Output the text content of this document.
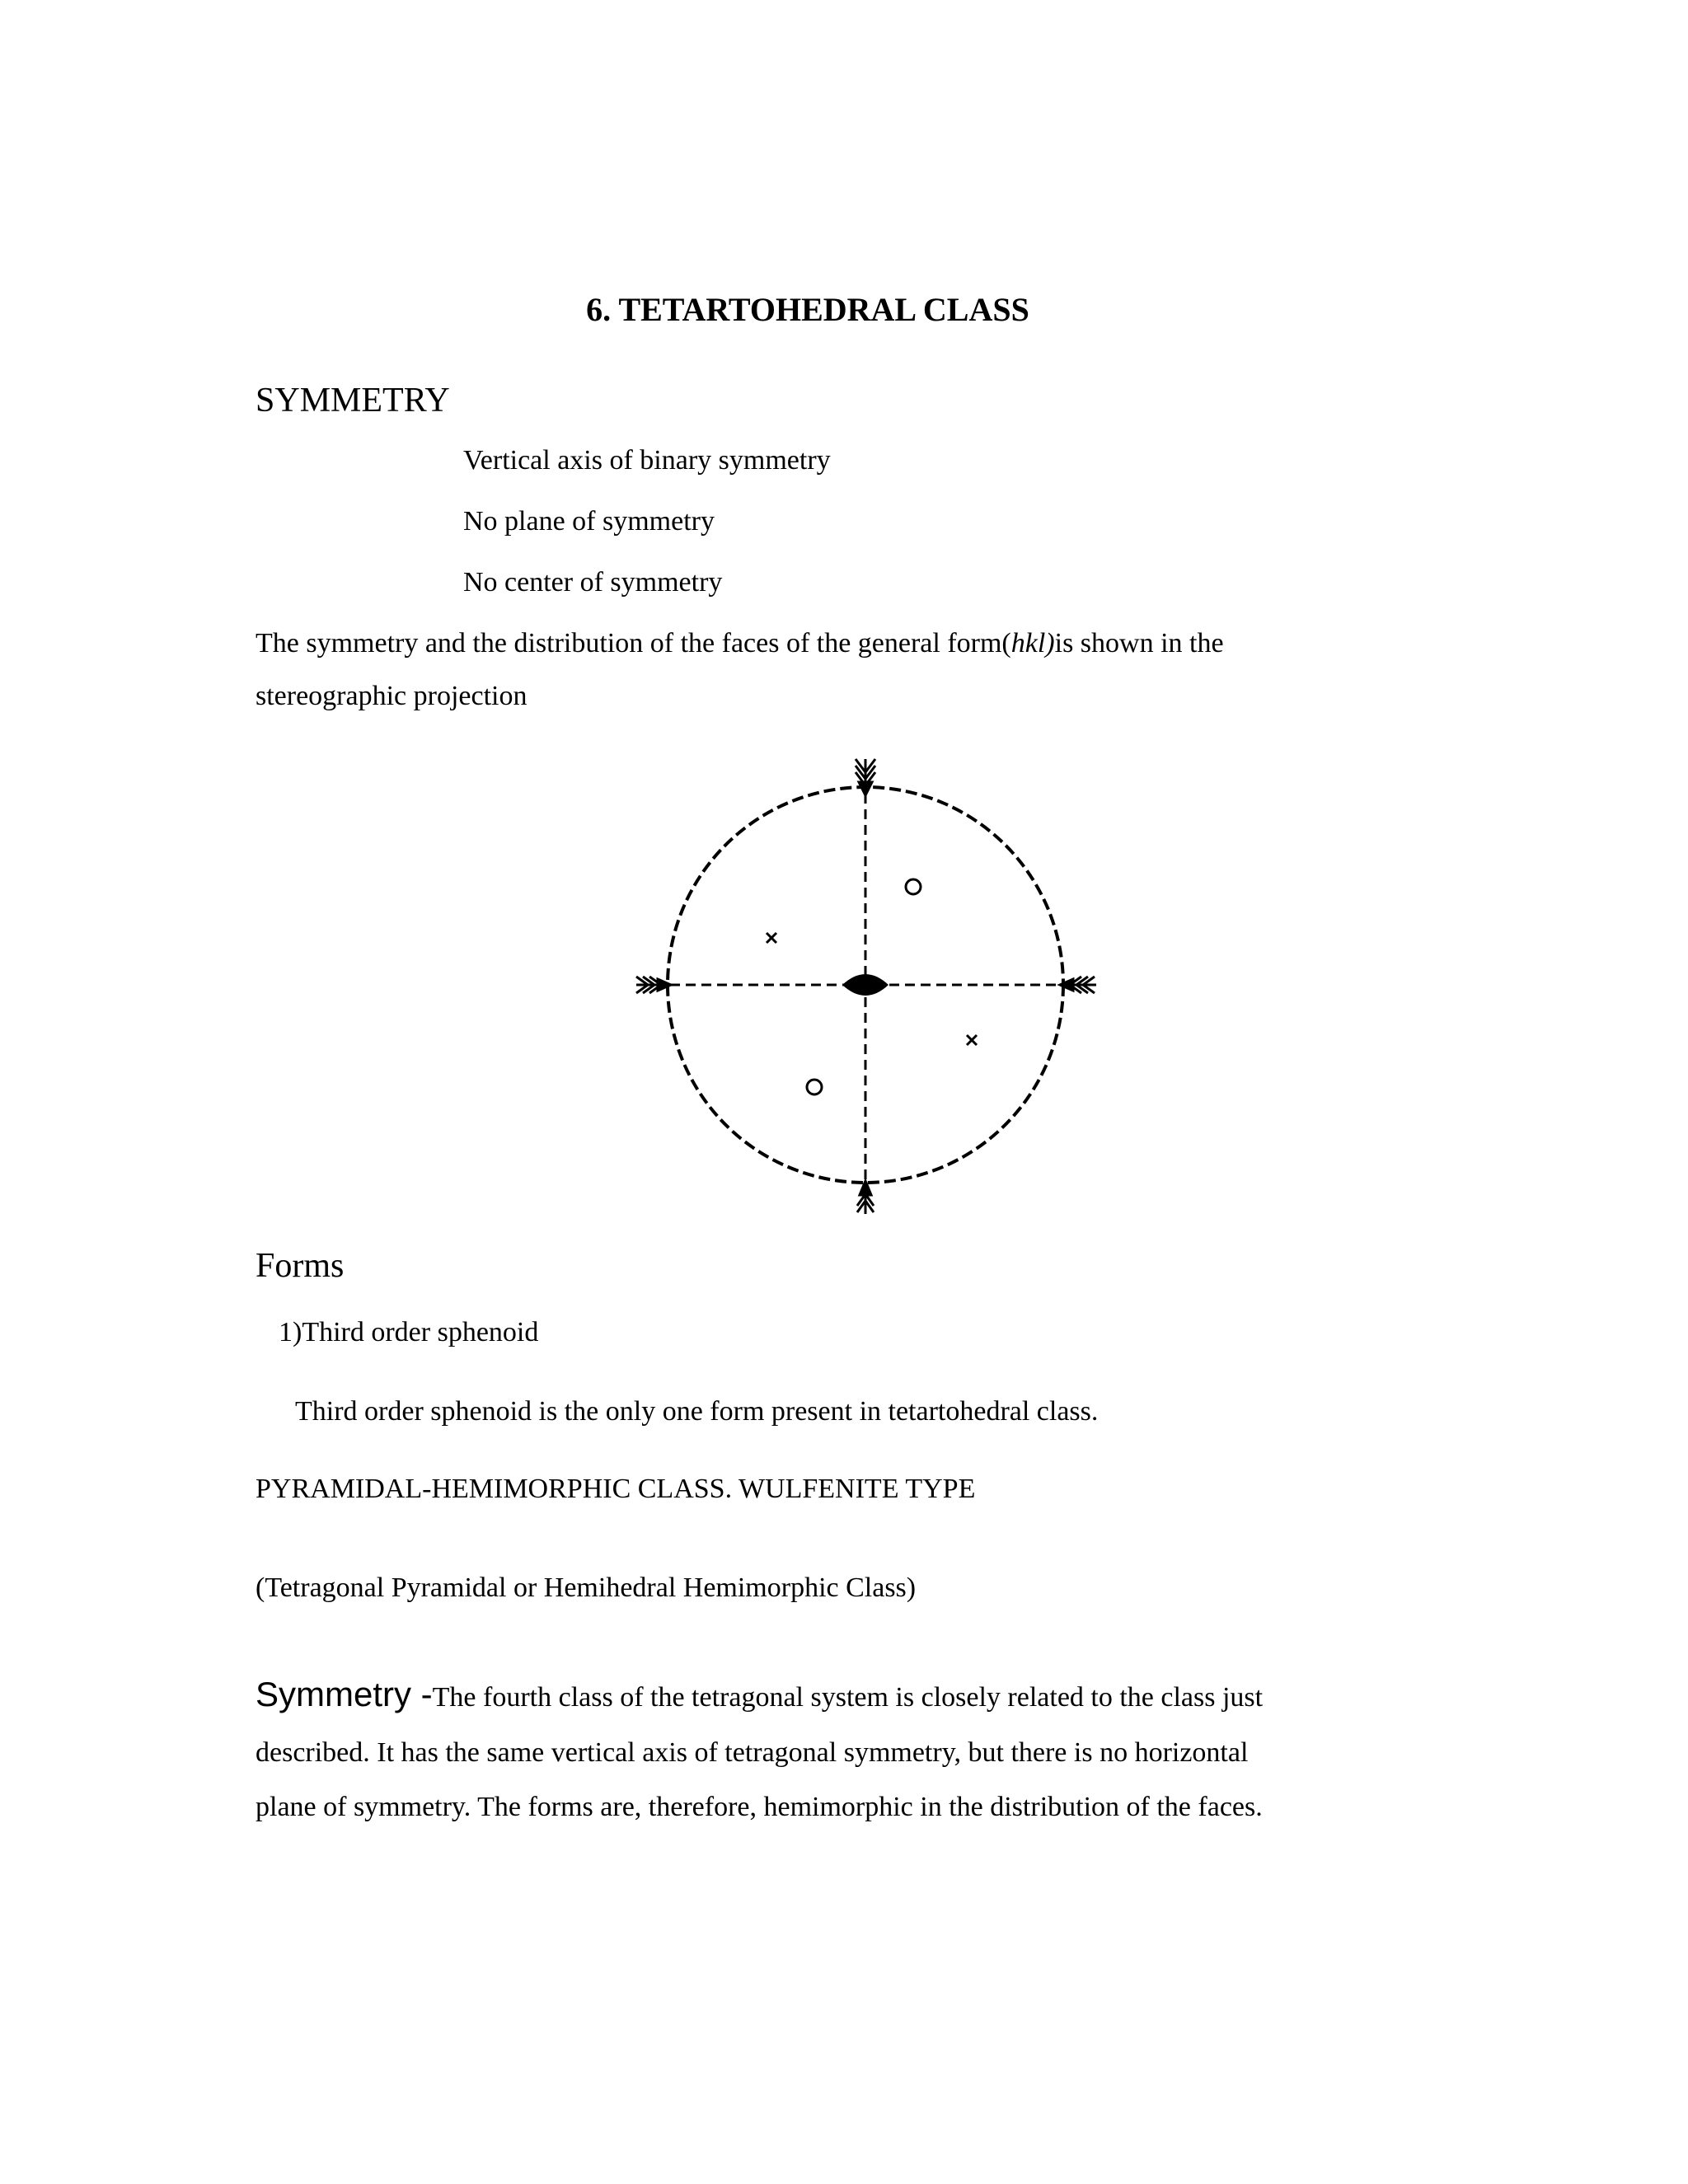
6. TETARTOHEDRAL CLASS
SYMMETRY
Vertical axis of binary symmetry
No plane of symmetry
No center of symmetry
The symmetry and the distribution of the faces of the general form(hkl)is shown in the
stereographic projection
Forms
1)Third order sphenoid
Third order sphenoid is the only one form present in tetartohedral class.
PYRAMIDAL-HEMIMORPHIC CLASS. WULFENITE TYPE
(Tetragonal Pyramidal or Hemihedral Hemimorphic Class)
Symmetry -The fourth class of the tetragonal system is closely related to the class just
described. It has the same vertical axis of tetragonal symmetry, but there is no horizontal
plane of symmetry. The forms are, therefore, hemimorphic in the distribution of the faces.
